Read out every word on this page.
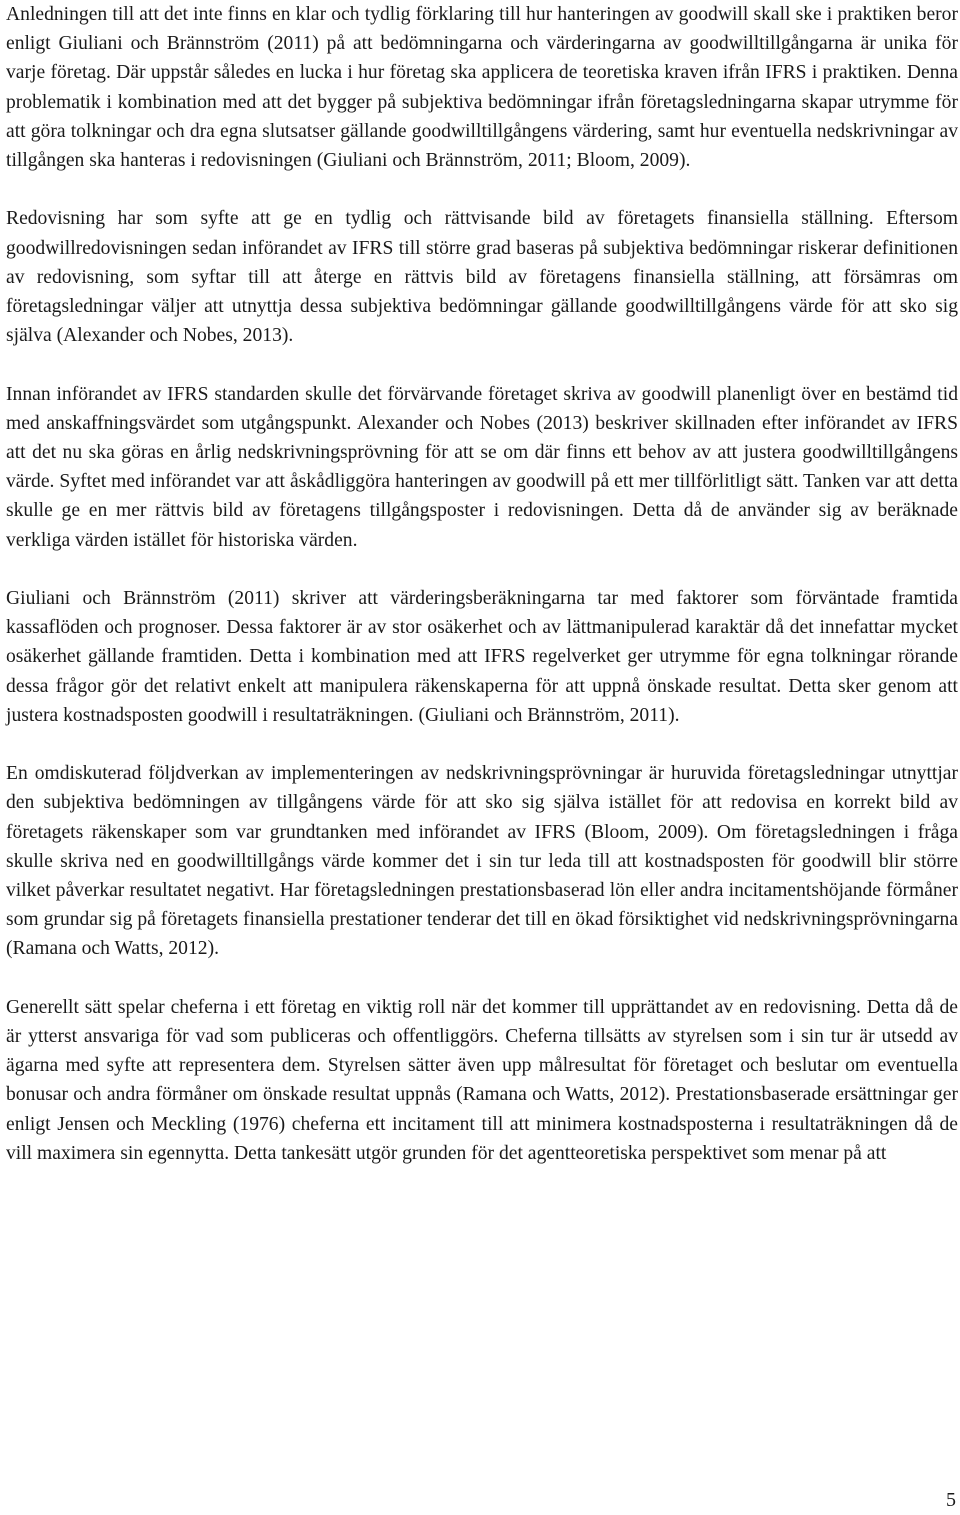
Anledningen till att det inte finns en klar och tydlig förklaring till hur hanteringen av goodwill skall ske i praktiken beror enligt Giuliani och Brännström (2011) på att bedömningarna och värderingarna av goodwilltillgångarna är unika för varje företag. Där uppstår således en lucka i hur företag ska applicera de teoretiska kraven ifrån IFRS i praktiken. Denna problematik i kombination med att det bygger på subjektiva bedömningar ifrån företagsledningarna skapar utrymme för att göra tolkningar och dra egna slutsatser gällande goodwilltillgångens värdering, samt hur eventuella nedskrivningar av tillgången ska hanteras i redovisningen (Giuliani och Brännström, 2011; Bloom, 2009).

Redovisning har som syfte att ge en tydlig och rättvisande bild av företagets finansiella ställning. Eftersom goodwillredovisningen sedan införandet av IFRS till större grad baseras på subjektiva bedömningar riskerar definitionen av redovisning, som syftar till att återge en rättvis bild av företagens finansiella ställning, att försämras om företagsledningar väljer att utnyttja dessa subjektiva bedömningar gällande goodwilltillgångens värde för att sko sig själva (Alexander och Nobes, 2013).

Innan införandet av IFRS standarden skulle det förvärvande företaget skriva av goodwill planenligt över en bestämd tid med anskaffningsvärdet som utgångspunkt. Alexander och Nobes (2013) beskriver skillnaden efter införandet av IFRS att det nu ska göras en årlig nedskrivningsprövning för att se om där finns ett behov av att justera goodwilltillgångens värde. Syftet med införandet var att åskådliggöra hanteringen av goodwill på ett mer tillförlitligt sätt. Tanken var att detta skulle ge en mer rättvis bild av företagens tillgångsposter i redovisningen. Detta då de använder sig av beräknade verkliga värden istället för historiska värden.

Giuliani och Brännström (2011) skriver att värderingsberäkningarna tar med faktorer som förväntade framtida kassaflöden och prognoser. Dessa faktorer är av stor osäkerhet och av lättmanipulerad karaktär då det innefattar mycket osäkerhet gällande framtiden. Detta i kombination med att IFRS regelverket ger utrymme för egna tolkningar rörande dessa frågor gör det relativt enkelt att manipulera räkenskaperna för att uppnå önskade resultat. Detta sker genom att justera kostnadsposten goodwill i resultaträkningen. (Giuliani och Brännström, 2011).

En omdiskuterad följdverkan av implementeringen av nedskrivningsprövningar är huruvida företagsledningar utnyttjar den subjektiva bedömningen av tillgångens värde för att sko sig själva istället för att redovisa en korrekt bild av företagets räkenskaper som var grundtanken med införandet av IFRS (Bloom, 2009). Om företagsledningen i fråga skulle skriva ned en goodwilltillgångs värde kommer det i sin tur leda till att kostnadsposten för goodwill blir större vilket påverkar resultatet negativt. Har företagsledningen prestationsbaserad lön eller andra incitamentshöjande förmåner som grundar sig på företagets finansiella prestationer tenderar det till en ökad försiktighet vid nedskrivningsprövningarna (Ramana och Watts, 2012).

Generellt sätt spelar cheferna i ett företag en viktig roll när det kommer till upprättandet av en redovisning. Detta då de är ytterst ansvariga för vad som publiceras och offentliggörs. Cheferna tillsätts av styrelsen som i sin tur är utsedd av ägarna med syfte att representera dem. Styrelsen sätter även upp målresultat för företaget och beslutar om eventuella bonusar och andra förmåner om önskade resultat uppnås (Ramana och Watts, 2012). Prestationsbaserade ersättningar ger enligt Jensen och Meckling (1976) cheferna ett incitament till att minimera kostnadsposterna i resultaträkningen då de vill maximera sin egennytta. Detta tankesätt utgör grunden för det agentteoretiska perspektivet som menar på att

5
